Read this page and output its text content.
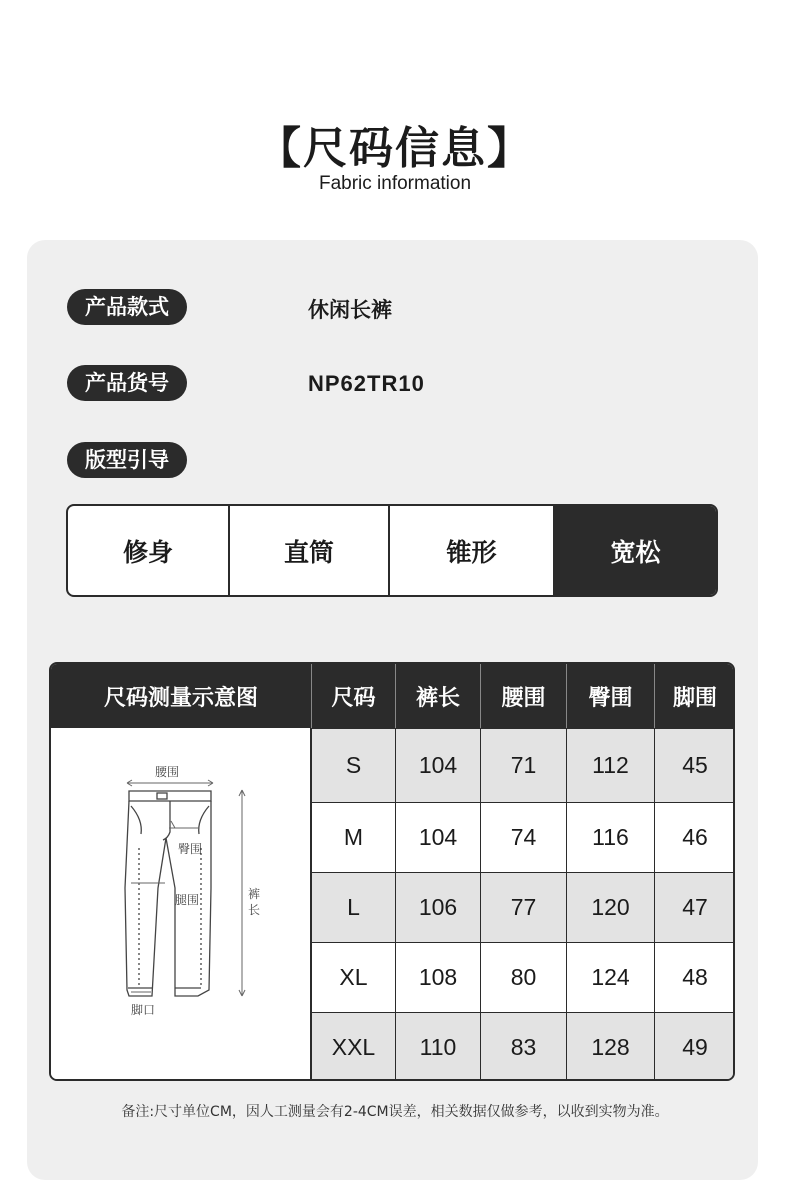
【尺码信息】
Fabric information
产品款式	休闲长裤
产品货号	NP62TR10
版型引导
修身	直筒	锥形	宽松
尺码测量示意图	尺码	裤长	腰围	臀围	脚围
腰围
臀围
腿围	裤
长
脚口
S	104	71	112	45
M	104	74	116	46
L	106	77	120	47
XL	108	80	124	48
XXL	110	83	128	49
备注:尺寸单位CM，因人工测量会有2-4CM误差，相关数据仅做参考，以收到实物为准。
